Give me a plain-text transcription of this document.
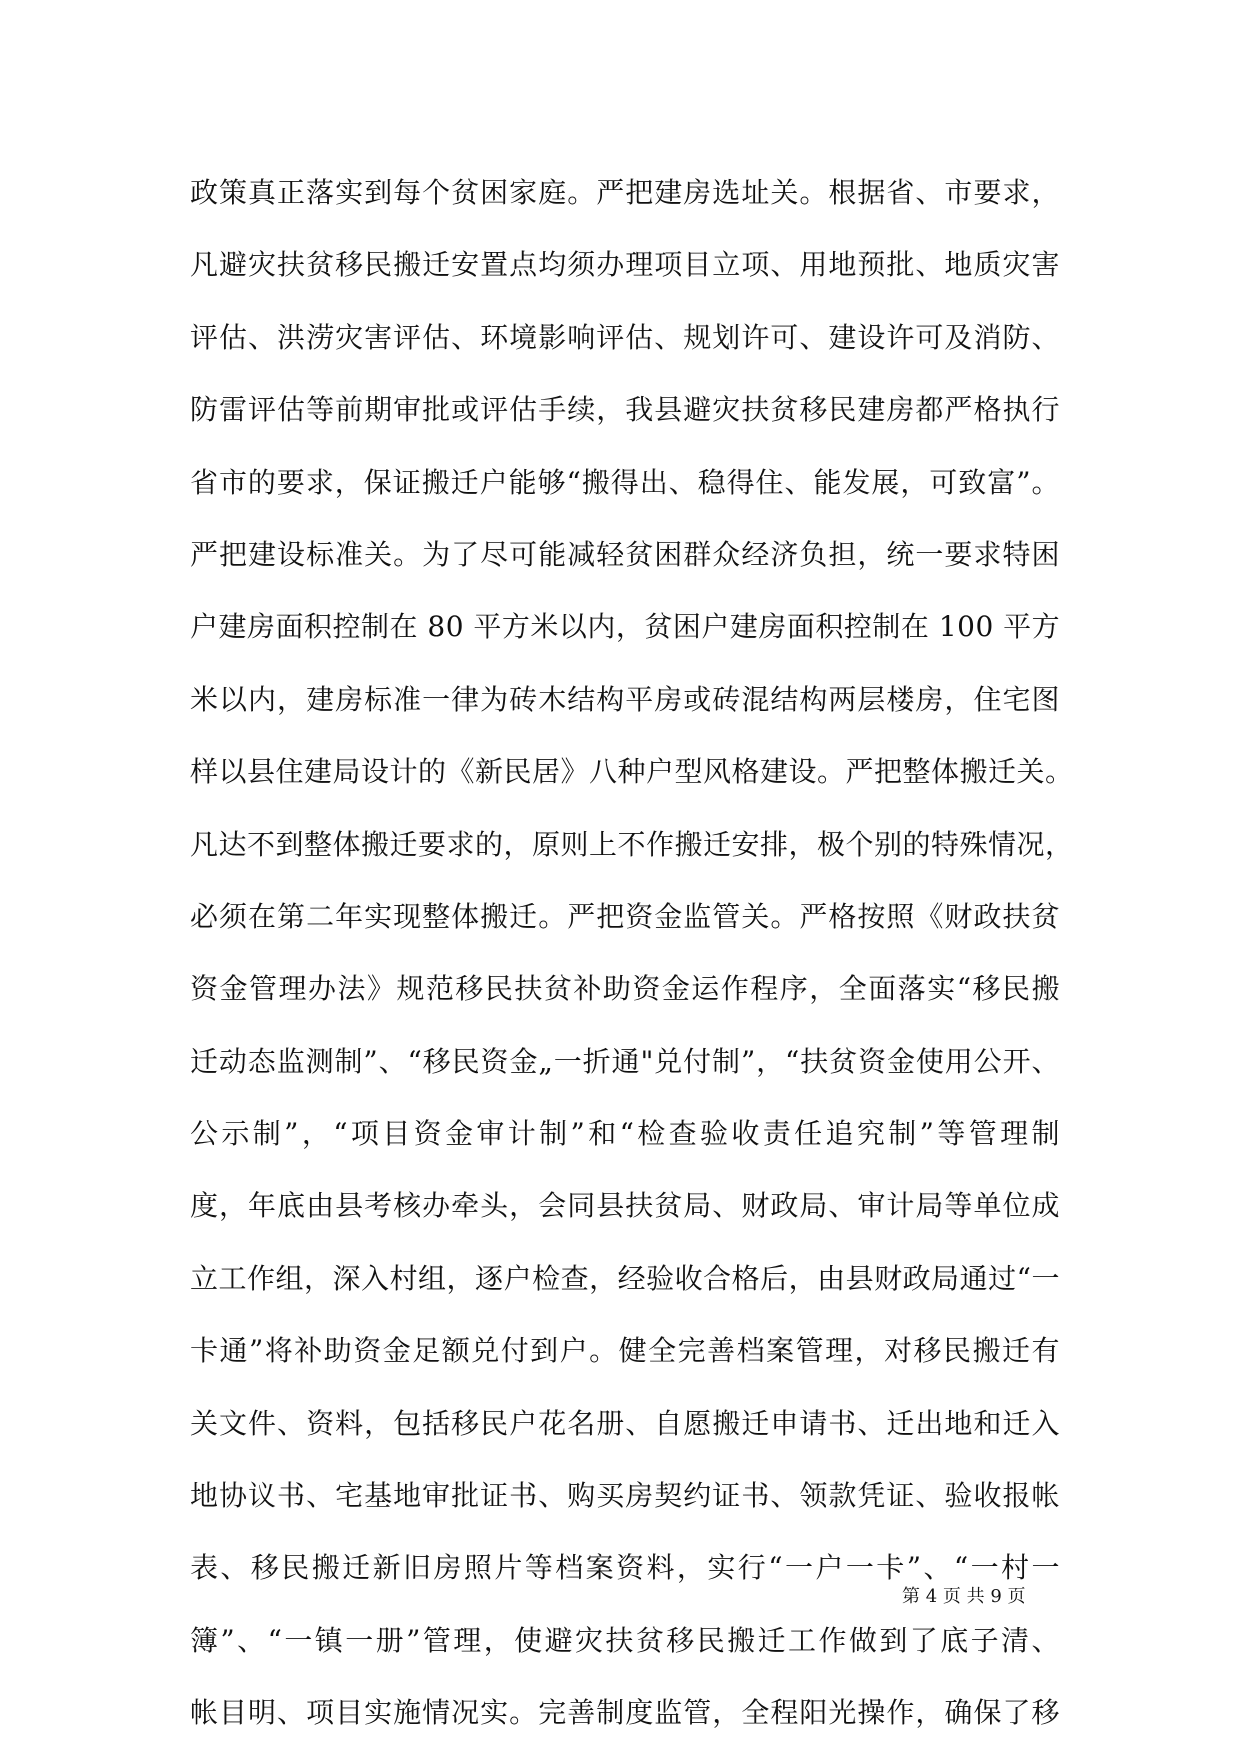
政策真正落实到每个贫困家庭。严把建房选址关。根据省、市要求，
凡避灾扶贫移民搬迁安置点均须办理项目立项、用地预批、地质灾害
评估、洪涝灾害评估、环境影响评估、规划许可、建设许可及消防、
防雷评估等前期审批或评估手续，我县避灾扶贫移民建房都严格执行
省市的要求，保证搬迁户能够“搬得出、稳得住、能发展，可致富”。
严把建设标准关。为了尽可能减轻贫困群众经济负担，统一要求特困
户建房面积控制在 80 平方米以内，贫困户建房面积控制在 100 平方
米以内，建房标准一律为砖木结构平房或砖混结构两层楼房，住宅图
样以县住建局设计的《新民居》八种户型风格建设。严把整体搬迁关。
凡达不到整体搬迁要求的，原则上不作搬迁安排，极个别的特殊情况，
必须在第二年实现整体搬迁。严把资金监管关。严格按照《财政扶贫
资金管理办法》规范移民扶贫补助资金运作程序，全面落实“移民搬
迁动态监测制”、“移民资金„一折通"兑付制”，“扶贫资金使用公开、
公示制”，“项目资金审计制”和“检查验收责任追究制”等管理制
度，年底由县考核办牵头，会同县扶贫局、财政局、审计局等单位成
立工作组，深入村组，逐户检查，经验收合格后，由县财政局通过“一
卡通”将补助资金足额兑付到户。健全完善档案管理，对移民搬迁有
关文件、资料，包括移民户花名册、自愿搬迁申请书、迁出地和迁入
地协议书、宅基地审批证书、购买房契约证书、领款凭证、验收报帐
表、移民搬迁新旧房照片等档案资料，实行“一户一卡”、“一村一
簿”、“一镇一册”管理，使避灾扶贫移民搬迁工作做到了底子清、
帐目明、项目实施情况实。完善制度监管，全程阳光操作，确保了移
第 4 页 共 9 页
